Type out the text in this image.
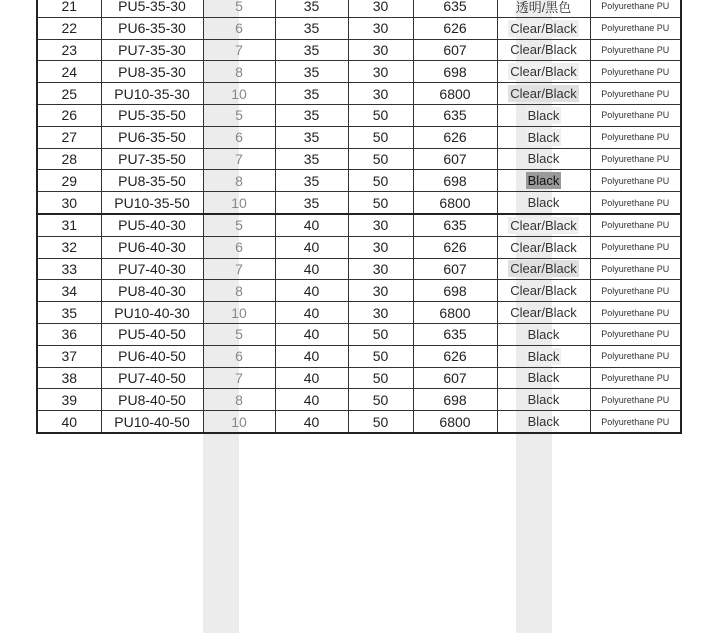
21	PU5-35-30	5	35	30	635	透明/黑色	Polyurethane PU
22	PU6-35-30	6	35	30	626	Clear/Black	Polyurethane PU
23	PU7-35-30	7	35	30	607	Clear/Black	Polyurethane PU
24	PU8-35-30	8	35	30	698	Clear/Black	Polyurethane PU
25	PU10-35-30	10	35	30	6800	Clear/Black	Polyurethane PU
26	PU5-35-50	5	35	50	635	Black	Polyurethane PU
27	PU6-35-50	6	35	50	626	Black	Polyurethane PU
28	PU7-35-50	7	35	50	607	Black	Polyurethane PU
29	PU8-35-50	8	35	50	698	Black	Polyurethane PU
30	PU10-35-50	10	35	50	6800	Black	Polyurethane PU
31	PU5-40-30	5	40	30	635	Clear/Black	Polyurethane PU
32	PU6-40-30	6	40	30	626	Clear/Black	Polyurethane PU
33	PU7-40-30	7	40	30	607	Clear/Black	Polyurethane PU
34	PU8-40-30	8	40	30	698	Clear/Black	Polyurethane PU
35	PU10-40-30	10	40	30	6800	Clear/Black	Polyurethane PU
36	PU5-40-50	5	40	50	635	Black	Polyurethane PU
37	PU6-40-50	6	40	50	626	Black	Polyurethane PU
38	PU7-40-50	7	40	50	607	Black	Polyurethane PU
39	PU8-40-50	8	40	50	698	Black	Polyurethane PU
40	PU10-40-50	10	40	50	6800	Black	Polyurethane PU
